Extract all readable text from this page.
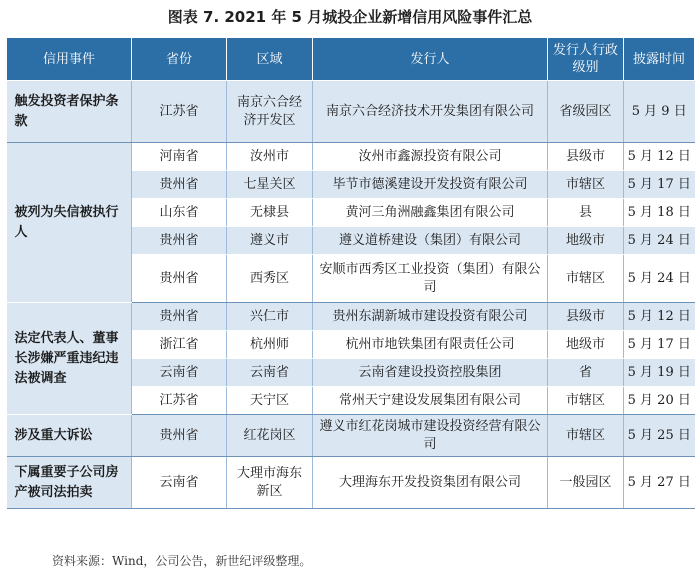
图表 7. 2021 年 5 月城投企业新增信用风险事件汇总
信用事件	省份	区域	发行人	发行人行政级别	披露时间
触发投资者保护条款	江苏省	南京六合经济开发区	南京六合经济技术开发集团有限公司	省级园区	5 月 9 日
被列为失信被执行人	河南省	汝州市	汝州市鑫源投资有限公司	县级市	5 月 12 日
	贵州省	七星关区	毕节市德溪建设开发投资有限公司	市辖区	5 月 17 日
	山东省	无棣县	黄河三角洲融鑫集团有限公司	县	5 月 18 日
	贵州省	遵义市	遵义道桥建设（集团）有限公司	地级市	5 月 24 日
	贵州省	西秀区	安顺市西秀区工业投资（集团）有限公司	市辖区	5 月 24 日
法定代表人、董事长涉嫌严重违纪违法被调查	贵州省	兴仁市	贵州东湖新城市建设投资有限公司	县级市	5 月 12 日
	浙江省	杭州师	杭州市地铁集团有限责任公司	地级市	5 月 17 日
	云南省	云南省	云南省建设投资控股集团	省	5 月 19 日
	江苏省	天宁区	常州天宁建设发展集团有限公司	市辖区	5 月 20 日
涉及重大诉讼	贵州省	红花岗区	遵义市红花岗城市建设投资经营有限公司	市辖区	5 月 25 日
下属重要子公司房产被司法拍卖	云南省	大理市海东新区	大理海东开发投资集团有限公司	一般园区	5 月 27 日
资料来源：Wind，公司公告，新世纪评级整理。
